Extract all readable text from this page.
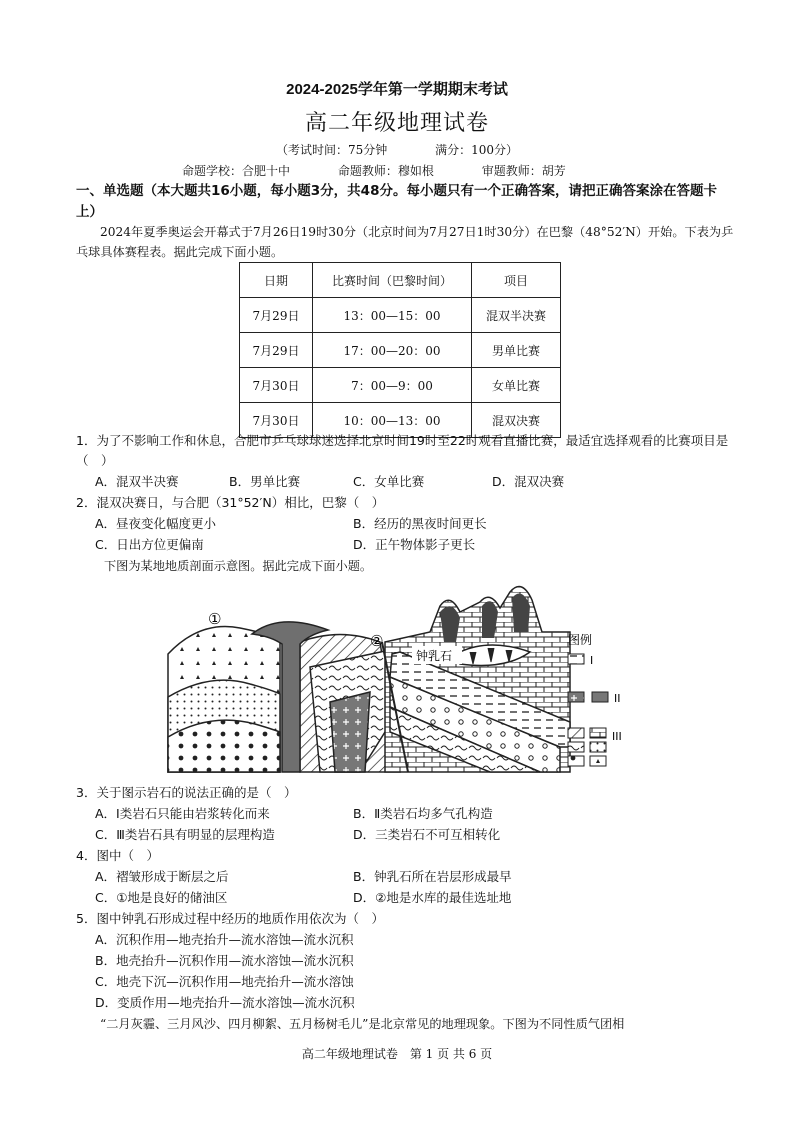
2024-2025学年第一学期期末考试
高二年级地理试卷
（考试时间：75分钟	满分：100分）
命题学校：合肥十中	命题教师：穆如根	审题教师：胡芳
一、单选题（本大题共16小题，每小题3分，共48分。每小题只有一个正确答案，请把正确答案涂在答题卡上）
2024年夏季奥运会开幕式于7月26日19时30分（北京时间为7月27日1时30分）在巴黎（48°52′N）开始。下表为乒乓球具体赛程表。据此完成下面小题。
日期	比赛时间（巴黎时间）	项目
7月29日	13：00—15：00	混双半决赛
7月29日	17：00—20：00	男单比赛
7月30日	7：00—9：00	女单比赛
7月30日	10：00—13：00	混双决赛
1．为了不影响工作和休息，合肥市乒乓球球迷选择北京时间19时至22时观看直播比赛，最适宜选择观看的比赛项目是（　）
A．混双半决赛	B．男单比赛	C．女单比赛	D．混双决赛
2．混双决赛日，与合肥（31°52′N）相比，巴黎（　）
A．昼夜变化幅度更小	B．经历的黑夜时间更长
C．日出方位更偏南	D．正午物体影子更长
下图为某地地质剖面示意图。据此完成下面小题。
①
②
钟乳石
图例
I
II
III
3．关于图示岩石的说法正确的是（　）
A．Ⅰ类岩石只能由岩浆转化而来	B．Ⅱ类岩石均多气孔构造
C．Ⅲ类岩石具有明显的层理构造	D．三类岩石不可互相转化
4．图中（　）
A．褶皱形成于断层之后	B．钟乳石所在岩层形成最早
C．①地是良好的储油区	D．②地是水库的最佳选址地
5．图中钟乳石形成过程中经历的地质作用依次为（　）
A．沉积作用—地壳抬升—流水溶蚀—流水沉积
B．地壳抬升—沉积作用—流水溶蚀—流水沉积
C．地壳下沉—沉积作用—地壳抬升—流水溶蚀
D．变质作用—地壳抬升—流水溶蚀—流水沉积
“二月灰霾、三月风沙、四月柳絮、五月杨树毛儿”是北京常见的地理现象。下图为不同性质气团相
高二年级地理试卷　第 1 页 共 6 页
